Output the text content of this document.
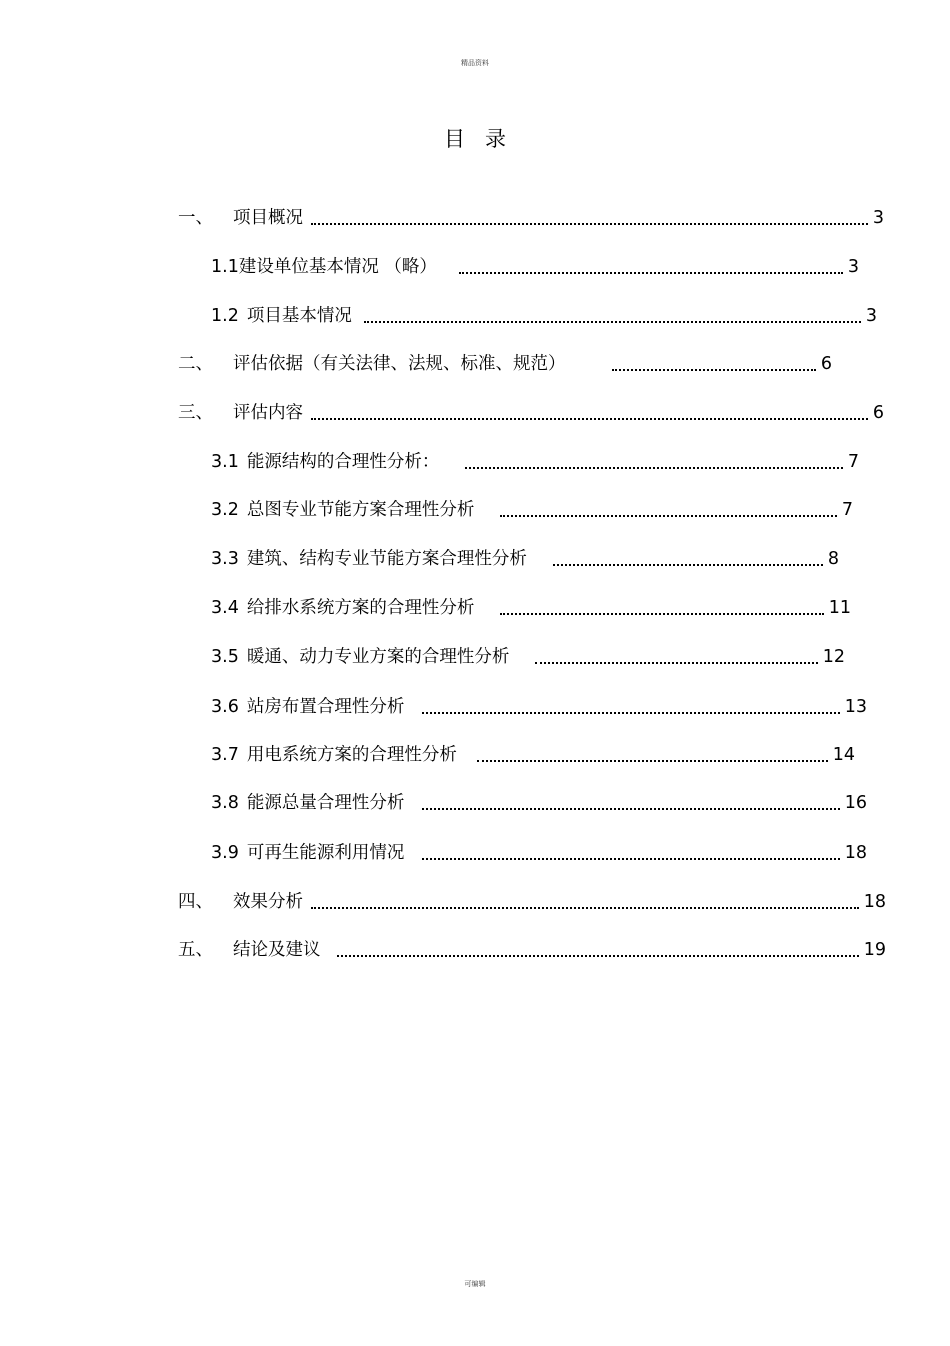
精品资料
目录
一、	项目概况	3
1.1 建设单位基本情况 （略）	3
1.2 项目基本情况	3
二、	评估依据（有关法律、法规、标准、规范）	6
三、	评估内容	6
3.1 能源结构的合理性分析：	7
3.2 总图专业节能方案合理性分析	7
3.3 建筑、结构专业节能方案合理性分析	8
3.4 给排水系统方案的合理性分析	11
3.5 暖通、动力专业方案的合理性分析	12
3.6 站房布置合理性分析	13
3.7 用电系统方案的合理性分析	14
3.8 能源总量合理性分析	16
3.9 可再生能源利用情况	18
四、	效果分析	18
五、	结论及建议	19
可编辑
